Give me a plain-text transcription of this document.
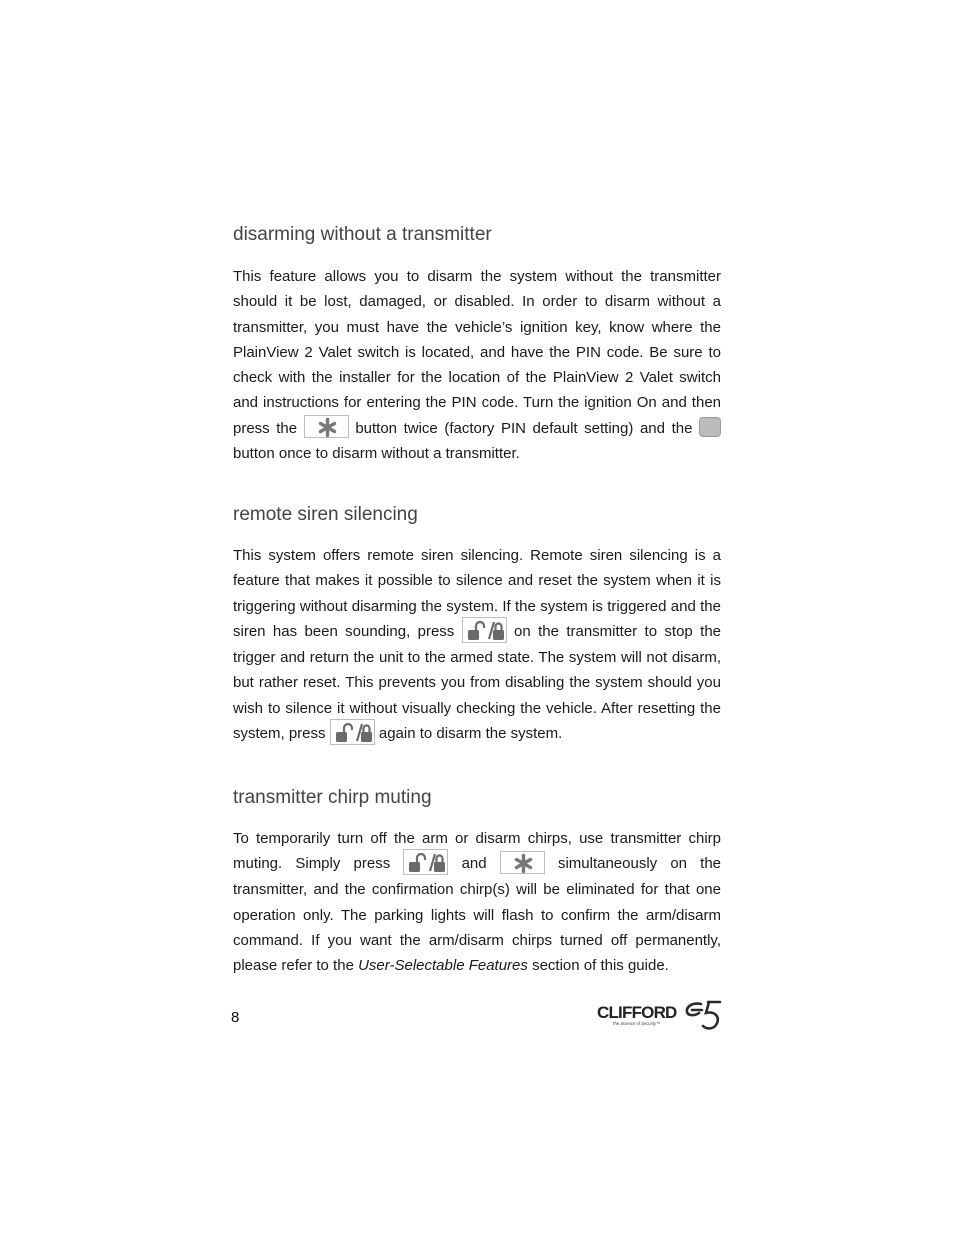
disarming without a transmitter

This feature allows you to disarm the system without the transmitter should it be lost, damaged, or disabled. In order to disarm without a transmitter, you must have the vehicle’s ignition key, know where the PlainView 2 Valet switch is located, and have the PIN code. Be sure to check with the installer for the location of the PlainView 2 Valet switch and instructions for entering the PIN code. Turn the ignition On and then press the	button twice (factory PIN default setting) and the  button once to disarm without a transmitter.

remote siren silencing

This system offers remote siren silencing. Remote siren silencing is a feature that makes it possible to silence and reset the system when it is triggering without disarming the system. If the system is triggered and the siren has been sounding, press	on the transmitter to stop the trigger and return the unit to the armed state. The system will not disarm, but rather reset. This prevents you from disabling the system should you wish to silence it without visually checking the vehicle. After resetting the system, press	again to disarm the system.

transmitter chirp muting

To temporarily turn off the arm or disarm chirps, use transmitter chirp muting. Simply press	and	simultaneously on the transmitter, and the confirmation chirp(s) will be eliminated for that one operation only. The parking lights will flash to confirm the arm/disarm command. If you want the arm/disarm chirps turned off permanently, please refer to the User-Selectable Features section of this guide.

8	CLIFFORD
The Science of Security™
